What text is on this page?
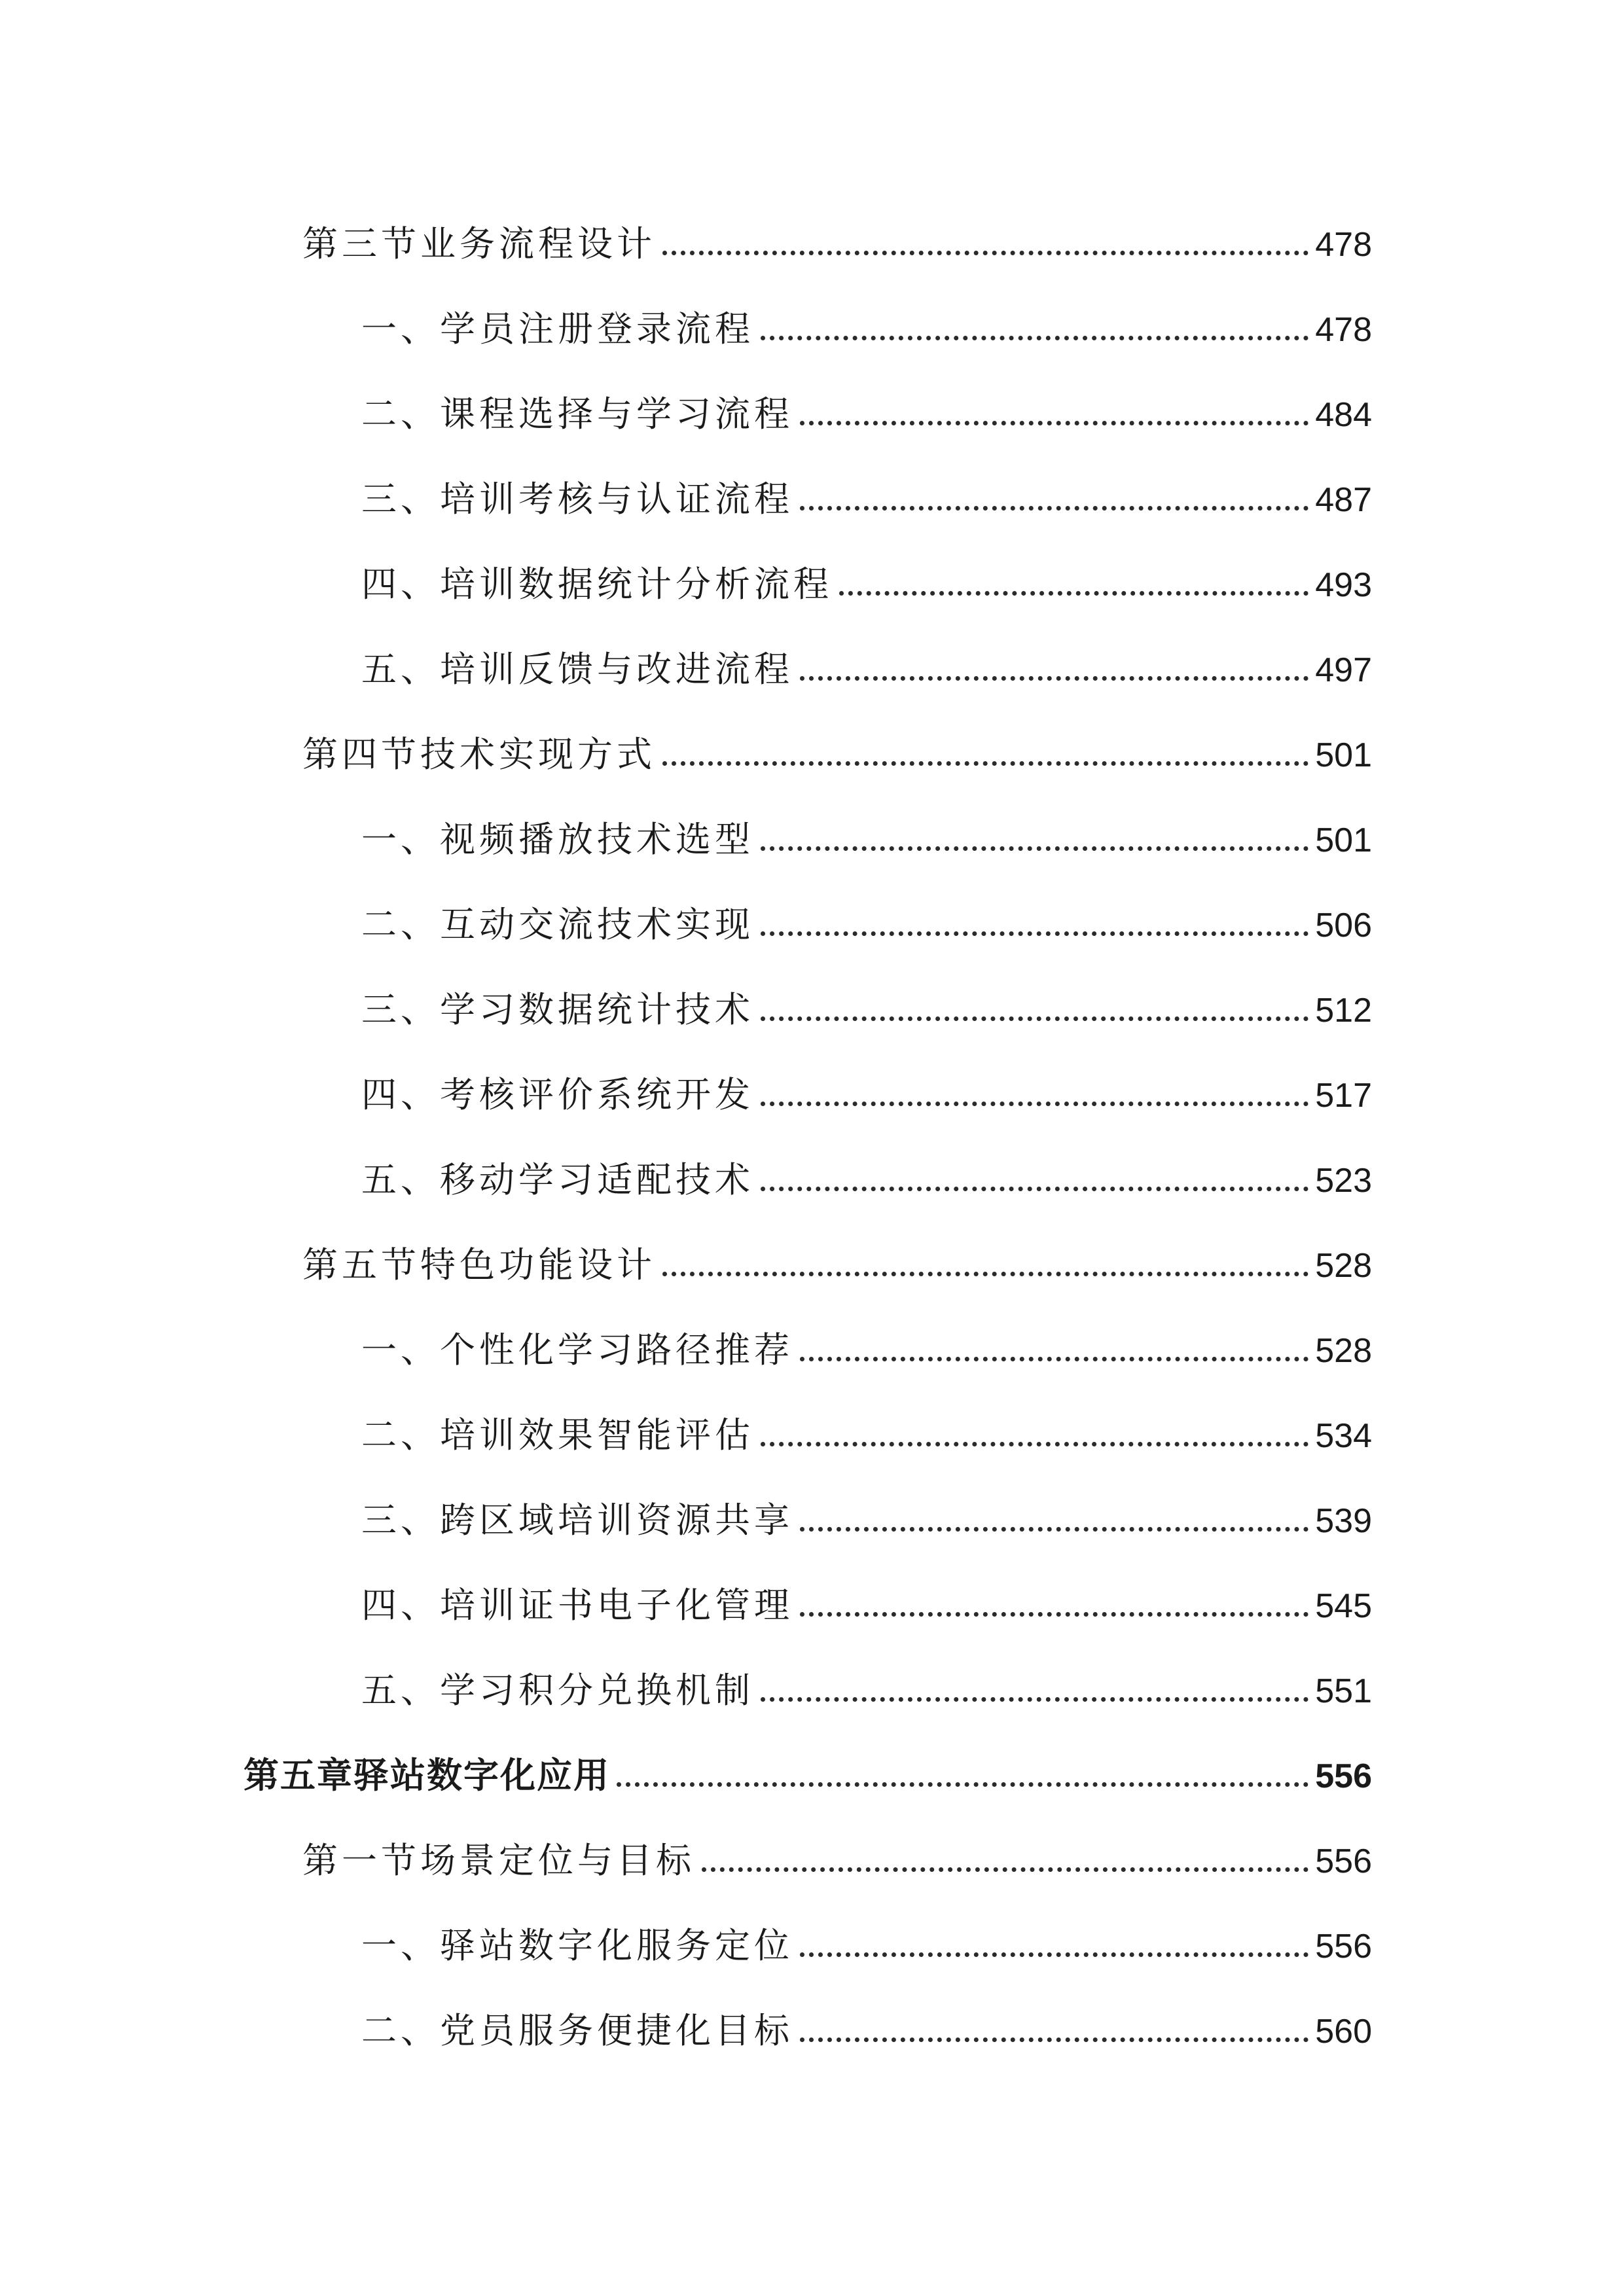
第三节业务流程设计	478
一、学员注册登录流程	478
二、课程选择与学习流程	484
三、培训考核与认证流程	487
四、培训数据统计分析流程	493
五、培训反馈与改进流程	497
第四节技术实现方式	501
一、视频播放技术选型	501
二、互动交流技术实现	506
三、学习数据统计技术	512
四、考核评价系统开发	517
五、移动学习适配技术	523
第五节特色功能设计	528
一、个性化学习路径推荐	528
二、培训效果智能评估	534
三、跨区域培训资源共享	539
四、培训证书电子化管理	545
五、学习积分兑换机制	551
第五章驿站数字化应用	556
第一节场景定位与目标	556
一、驿站数字化服务定位	556
二、党员服务便捷化目标	560
